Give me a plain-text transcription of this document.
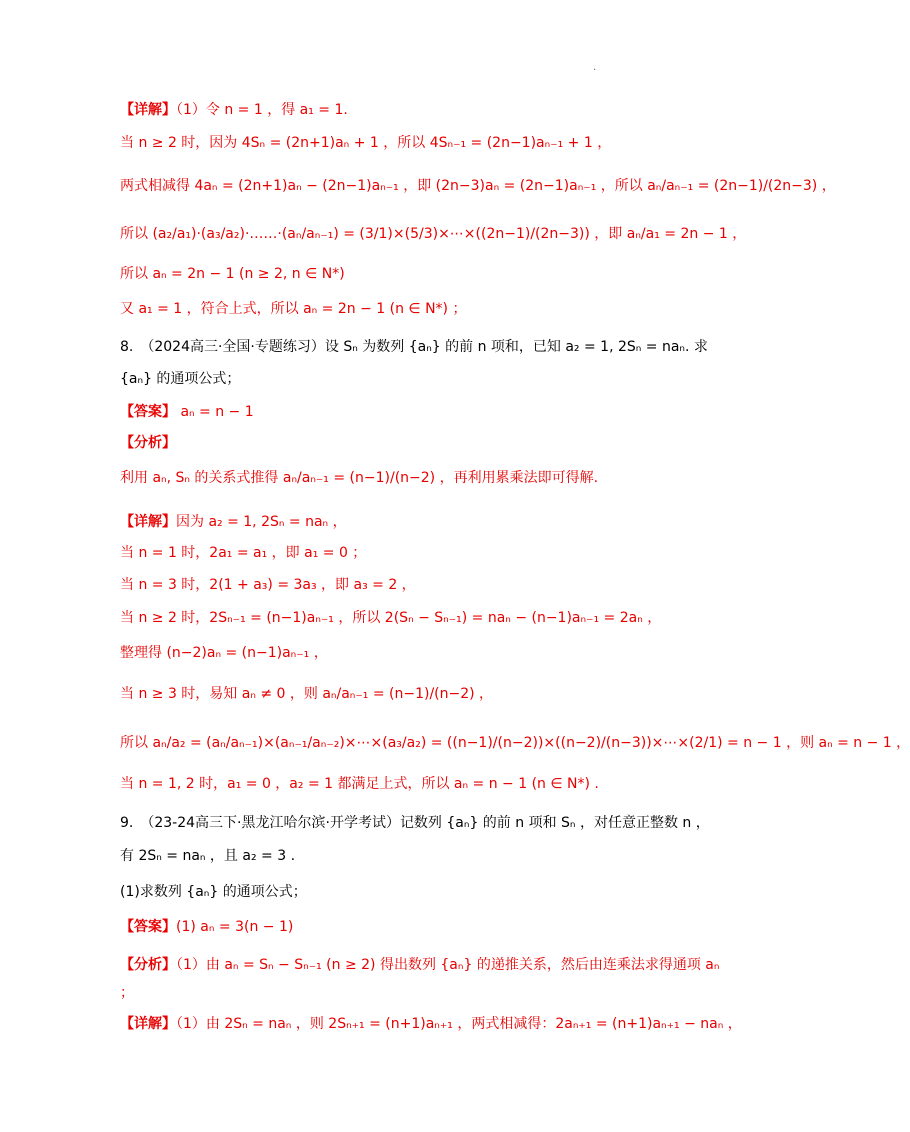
.
【详解】（1）令 n = 1 ，得 a₁ = 1.
当 n ≥ 2 时，因为 4Sₙ = (2n+1)aₙ + 1 ，所以 4Sₙ₋₁ = (2n−1)aₙ₋₁ + 1 ，
两式相减得 4aₙ = (2n+1)aₙ − (2n−1)aₙ₋₁ ，即 (2n−3)aₙ = (2n−1)aₙ₋₁ ，所以 aₙ/aₙ₋₁ = (2n−1)/(2n−3) ，
所以 (a₂/a₁)·(a₃/a₂)·……·(aₙ/aₙ₋₁) = (3/1)×(5/3)×⋯×((2n−1)/(2n−3)) ，即 aₙ/a₁ = 2n − 1 ，
所以 aₙ = 2n − 1 (n ≥ 2, n ∈ N*)
又 a₁ = 1 ，符合上式，所以 aₙ = 2n − 1 (n ∈ N*) ；
8.　（2024高三·全国·专题练习）设 Sₙ 为数列 {aₙ} 的前 n 项和，已知 a₂ = 1, 2Sₙ = naₙ. 求
{aₙ} 的通项公式；
【答案】 aₙ = n − 1
【分析】
利用 aₙ, Sₙ 的关系式推得 aₙ/aₙ₋₁ = (n−1)/(n−2) ，再利用累乘法即可得解.
【详解】因为 a₂ = 1, 2Sₙ = naₙ ，
当 n = 1 时，2a₁ = a₁ ，即 a₁ = 0 ；
当 n = 3 时，2(1 + a₃) = 3a₃ ，即 a₃ = 2 ，
当 n ≥ 2 时，2Sₙ₋₁ = (n−1)aₙ₋₁ ，所以 2(Sₙ − Sₙ₋₁) = naₙ − (n−1)aₙ₋₁ = 2aₙ ，
整理得 (n−2)aₙ = (n−1)aₙ₋₁ ，
当 n ≥ 3 时，易知 aₙ ≠ 0 ，则 aₙ/aₙ₋₁ = (n−1)/(n−2) ，
所以 aₙ/a₂ = (aₙ/aₙ₋₁)×(aₙ₋₁/aₙ₋₂)×⋯×(a₃/a₂) = ((n−1)/(n−2))×((n−2)/(n−3))×⋯×(2/1) = n − 1 ，则 aₙ = n − 1 ，
当 n = 1, 2 时，a₁ = 0 ，a₂ = 1 都满足上式，所以 aₙ = n − 1 (n ∈ N*) .
9.　（23-24高三下·黑龙江哈尔滨·开学考试）记数列 {aₙ} 的前 n 项和 Sₙ ，对任意正整数 n ，
有 2Sₙ = naₙ ，且 a₂ = 3 .
(1)求数列 {aₙ} 的通项公式；
【答案】(1) aₙ = 3(n − 1)
【分析】（1）由 aₙ = Sₙ − Sₙ₋₁ (n ≥ 2) 得出数列 {aₙ} 的递推关系，然后由连乘法求得通项 aₙ
；
【详解】（1）由 2Sₙ = naₙ ，则 2Sₙ₊₁ = (n+1)aₙ₊₁ ，两式相减得：2aₙ₊₁ = (n+1)aₙ₊₁ − naₙ ，
